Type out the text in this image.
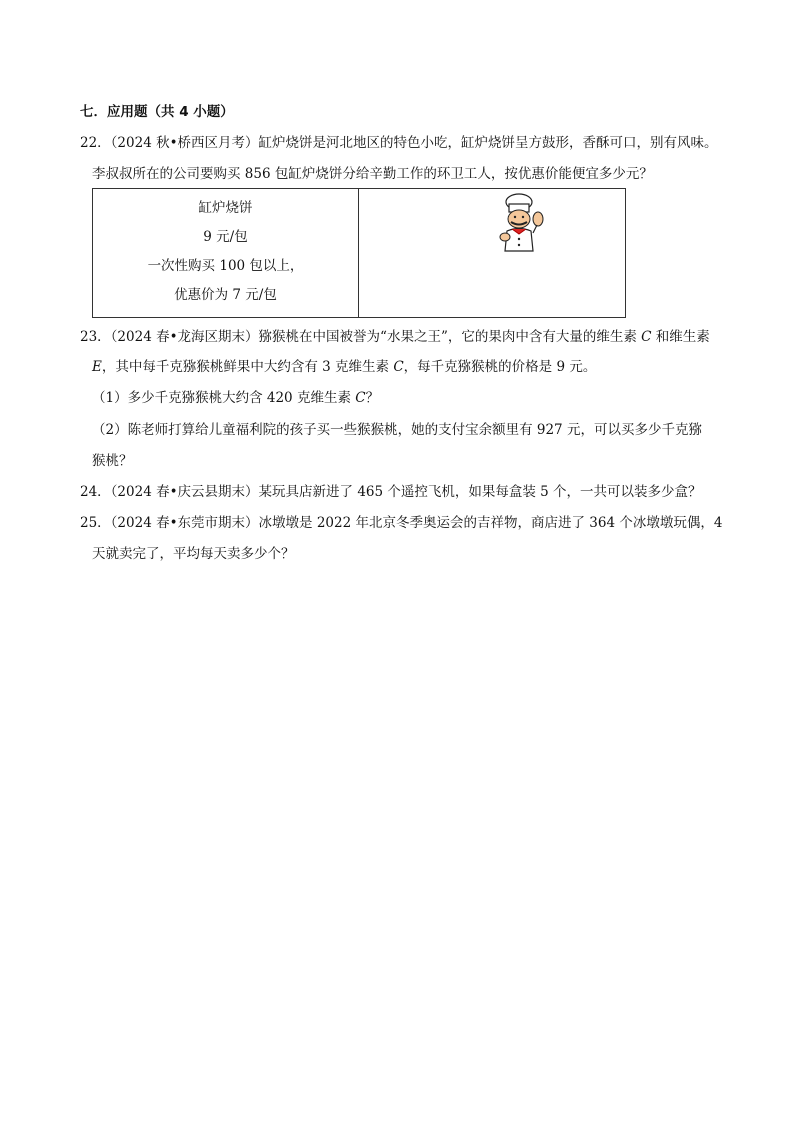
七．应用题（共 4 小题）
22．（2024 秋•桥西区月考）缸炉烧饼是河北地区的特色小吃，缸炉烧饼呈方鼓形，香酥可口，别有风味。
李叔叔所在的公司要购买 856 包缸炉烧饼分给辛勤工作的环卫工人，按优惠价能便宜多少元？
缸炉烧饼
9 元/包
一次性购买 100 包以上，
优惠价为 7 元/包

23．（2024 春•龙海区期末）猕猴桃在中国被誉为“水果之王”，它的果肉中含有大量的维生素 C 和维生素
E，其中每千克猕猴桃鲜果中大约含有 3 克维生素 C，每千克猕猴桃的价格是 9 元。
（1）多少千克猕猴桃大约含 420 克维生素 C？
（2）陈老师打算给儿童福利院的孩子买一些猴猴桃，她的支付宝余额里有 927 元，可以买多少千克猕
猴桃？
24．（2024 春•庆云县期末）某玩具店新进了 465 个遥控飞机，如果每盒装 5 个，一共可以装多少盒？
25．（2024 春•东莞市期末）冰墩墩是 2022 年北京冬季奥运会的吉祥物，商店进了 364 个冰墩墩玩偶，4
天就卖完了，平均每天卖多少个？
